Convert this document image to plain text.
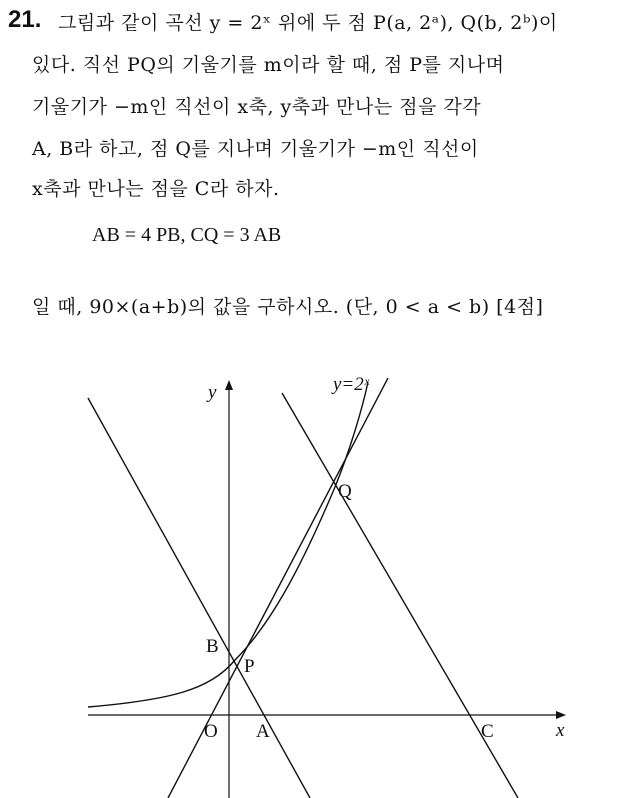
21. 그림과 같이 곡선 y = 2ˣ 위에 두 점 P(a, 2ᵃ), Q(b, 2ᵇ)이
있다. 직선 PQ의 기울기를 m이라 할 때, 점 P를 지나며
기울기가 −m인 직선이 x축, y축과 만나는 점을 각각
A, B라 하고, 점 Q를 지나며 기울기가 −m인 직선이
x축과 만나는 점을 C라 하자.
AB = 4 PB, CQ = 3 AB
일 때, 90×(a+b)의 값을 구하시오. (단, 0 < a < b) [4점]
y=2ˣ
y
x
O
Q
P
B
A	C
